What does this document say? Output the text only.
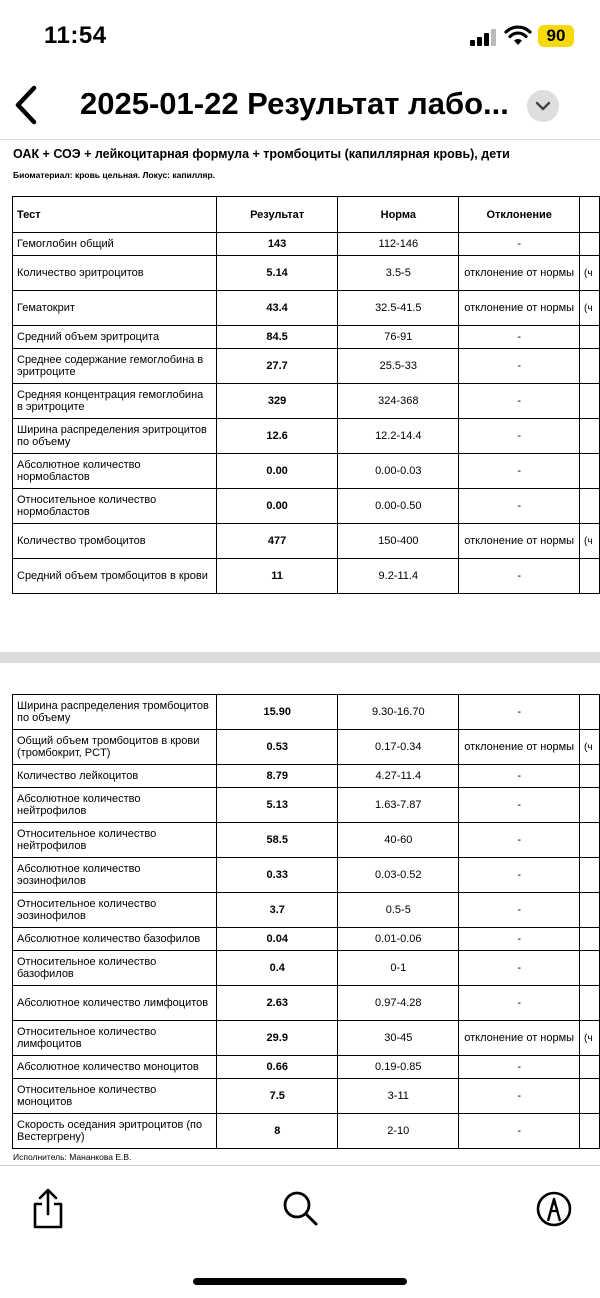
11:54	90
2025-01-22 Результат лабо...
ОАК + СОЭ + лейкоцитарная формула + тромбоциты (капиллярная кровь), дети
Биоматериал: кровь цельная. Локус: капилляр.
Тест	Результат	Норма	Отклонение	
Гемоглобин общий	143	112-146	-	
Количество эритроцитов	5.14	3.5-5	отклонение от нормы	(ч
Гематокрит	43.4	32.5-41.5	отклонение от нормы	(ч
Средний объем эритроцита	84.5	76-91	-	
Среднее содержание гемоглобина в эритроците	27.7	25.5-33	-	
Средняя концентрация гемоглобина в эритроците	329	324-368	-	
Ширина распределения эритроцитов по объему	12.6	12.2-14.4	-	
Абсолютное количество нормобластов	0.00	0.00-0.03	-	
Относительное количество нормобластов	0.00	0.00-0.50	-	
Количество тромбоцитов	477	150-400	отклонение от нормы	(ч
Средний объем тромбоцитов в крови	11	9.2-11.4	-	
Ширина распределения тромбоцитов по объему	15.90	9.30-16.70	-	
Общий объем тромбоцитов в крови (тромбокрит, PCT)	0.53	0.17-0.34	отклонение от нормы	(ч
Количество лейкоцитов	8.79	4.27-11.4	-	
Абсолютное количество нейтрофилов	5.13	1.63-7.87	-	
Относительное количество нейтрофилов	58.5	40-60	-	
Абсолютное количество эозинофилов	0.33	0.03-0.52	-	
Относительное количество эозинофилов	3.7	0.5-5	-	
Абсолютное количество базофилов	0.04	0.01-0.06	-	
Относительное количество базофилов	0.4	0-1	-	
Абсолютное количество лимфоцитов	2.63	0.97-4.28	-	
Относительное количество лимфоцитов	29.9	30-45	отклонение от нормы	(ч
Абсолютное количество моноцитов	0.66	0.19-0.85	-	
Относительное количество моноцитов	7.5	3-11	-	
Скорость оседания эритроцитов (по Вестергрену)	8	2-10	-	
Исполнитель: Мананкова Е.В.
